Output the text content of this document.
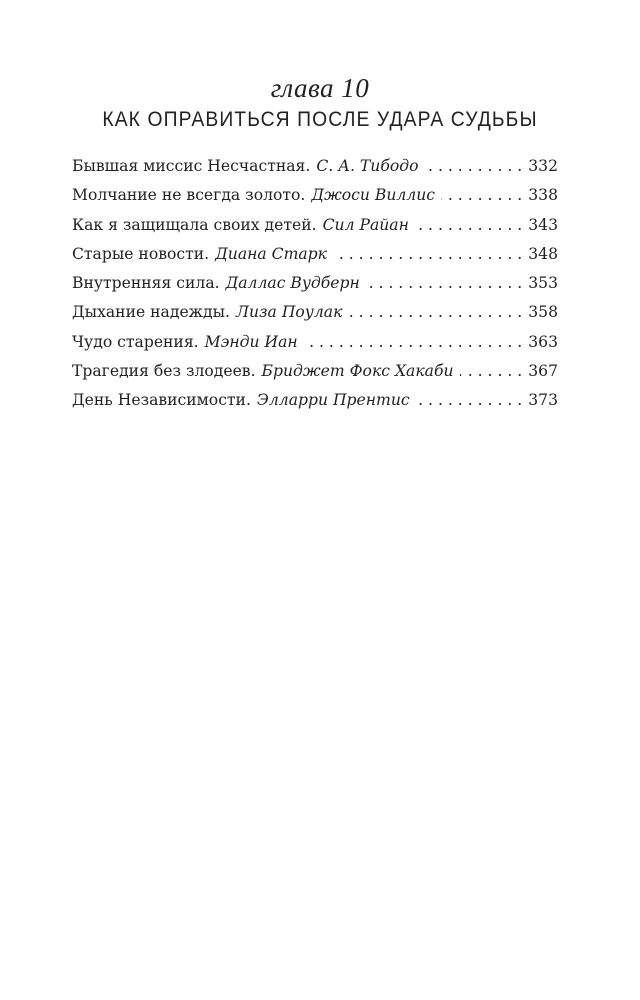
глава 10
КАК ОПРАВИТЬСЯ ПОСЛЕ УДАРА СУДЬБЫ
Бывшая миссис Несчастная. С. А. Тибодо . . .	332
Молчание не всегда золото. Джоси Виллис . . .	338
Как я защищала своих детей. Сил Райан . . .	343
Старые новости. Диана Старк . . .	348
Внутренняя сила. Даллас Вудберн . . .	353
Дыхание надежды. Лиза Поулак . . .	358
Чудо старения. Мэнди Иан . . .	363
Трагедия без злодеев. Бриджет Фокс Хакаби . . .	367
День Независимости. Элларри Прентис . . .	373
